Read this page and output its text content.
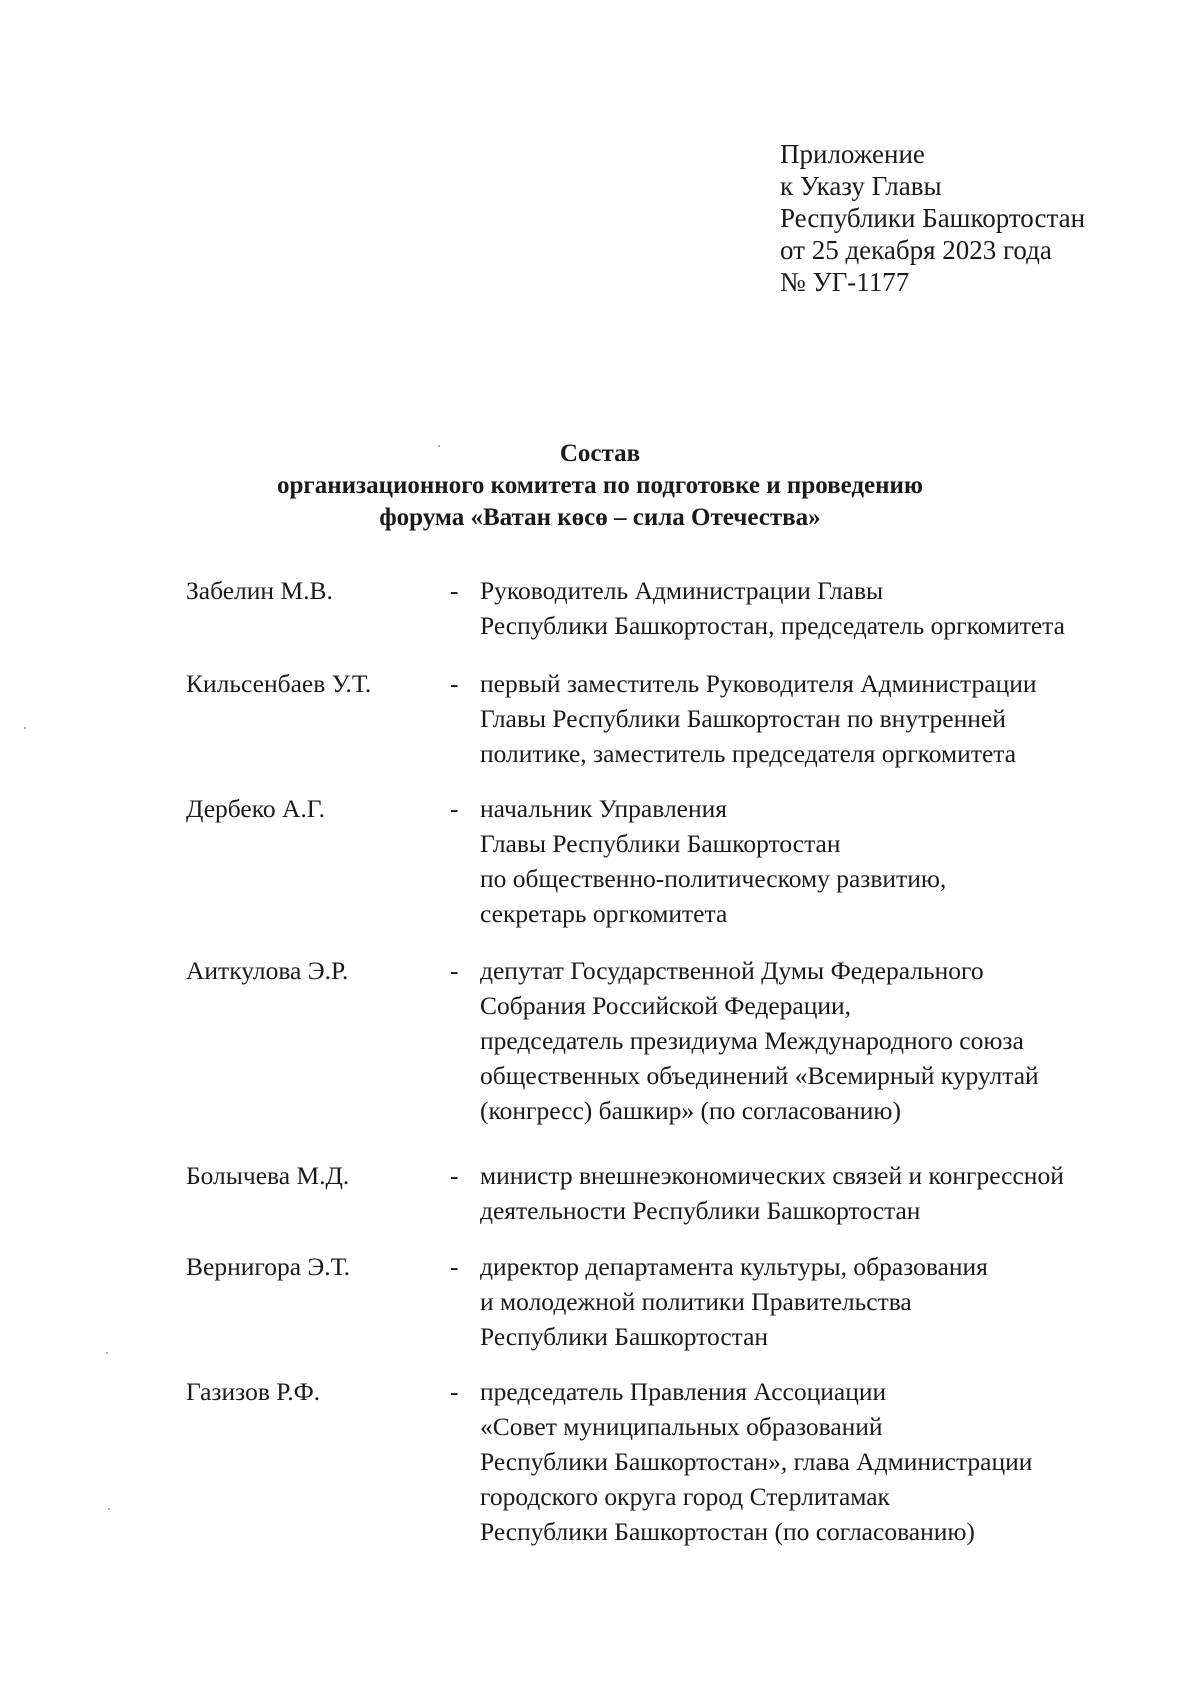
Приложение
к Указу Главы
Республики Башкортостан
от 25 декабря 2023 года
№ УГ-1177
Состав
организационного комитета по подготовке и проведению
форума «Ватан көсө – сила Отечества»
Забелин М.В.	- Руководитель Администрации Главы
Республики Башкортостан, председатель оргкомитета
Кильсенбаев У.Т.	- первый заместитель Руководителя Администрации
Главы Республики Башкортостан по внутренней
политике, заместитель председателя оргкомитета
Дербеко А.Г.	- начальник Управления
Главы Республики Башкортостан
по общественно-политическому развитию,
секретарь оргкомитета
Аиткулова Э.Р.	- депутат Государственной Думы Федерального
Собрания Российской Федерации,
председатель президиума Международного союза
общественных объединений «Всемирный курултай
(конгресс) башкир» (по согласованию)
Болычева М.Д.	- министр внешнеэкономических связей и конгрессной
деятельности Республики Башкортостан
Вернигора Э.Т.	- директор департамента культуры, образования
и молодежной политики Правительства
Республики Башкортостан
Газизов Р.Ф.	- председатель Правления Ассоциации
«Совет муниципальных образований
Республики Башкортостан», глава Администрации
городского округа город Стерлитамак
Республики Башкортостан (по согласованию)
